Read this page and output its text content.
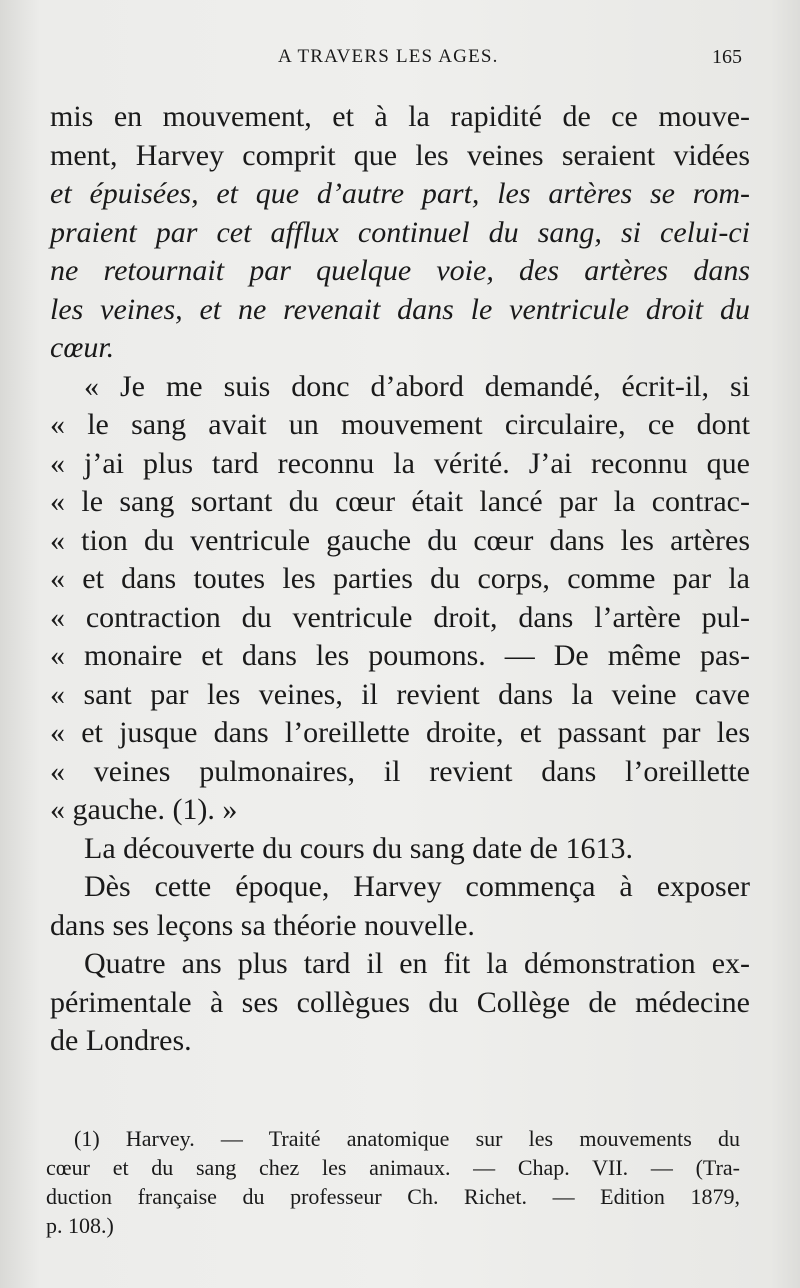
A TRAVERS LES AGES.	165
mis en mouvement, et à la rapidité de ce mouve-
ment, Harvey comprit que les veines seraient vidées
et épuisées, et que d’autre part, les artères se rom-
praient par cet afflux continuel du sang, si celui-ci
ne retournait par quelque voie, des artères dans
les veines, et ne revenait dans le ventricule droit du
cœur.
« Je me suis donc d’abord demandé, écrit-il, si
« le sang avait un mouvement circulaire, ce dont
« j’ai plus tard reconnu la vérité. J’ai reconnu que
« le sang sortant du cœur était lancé par la contrac-
« tion du ventricule gauche du cœur dans les artères
« et dans toutes les parties du corps, comme par la
« contraction du ventricule droit, dans l’artère pul-
« monaire et dans les poumons. — De même pas-
« sant par les veines, il revient dans la veine cave
« et jusque dans l’oreillette droite, et passant par les
« veines pulmonaires, il revient dans l’oreillette
« gauche. (1). »
La découverte du cours du sang date de 1613.
Dès cette époque, Harvey commença à exposer
dans ses leçons sa théorie nouvelle.
Quatre ans plus tard il en fit la démonstration ex-
périmentale à ses collègues du Collège de médecine
de Londres.
(1) Harvey. — Traité anatomique sur les mouvements du
cœur et du sang chez les animaux. — Chap. VII. — (Tra-
duction française du professeur Ch. Richet. — Edition 1879,
p. 108.)
